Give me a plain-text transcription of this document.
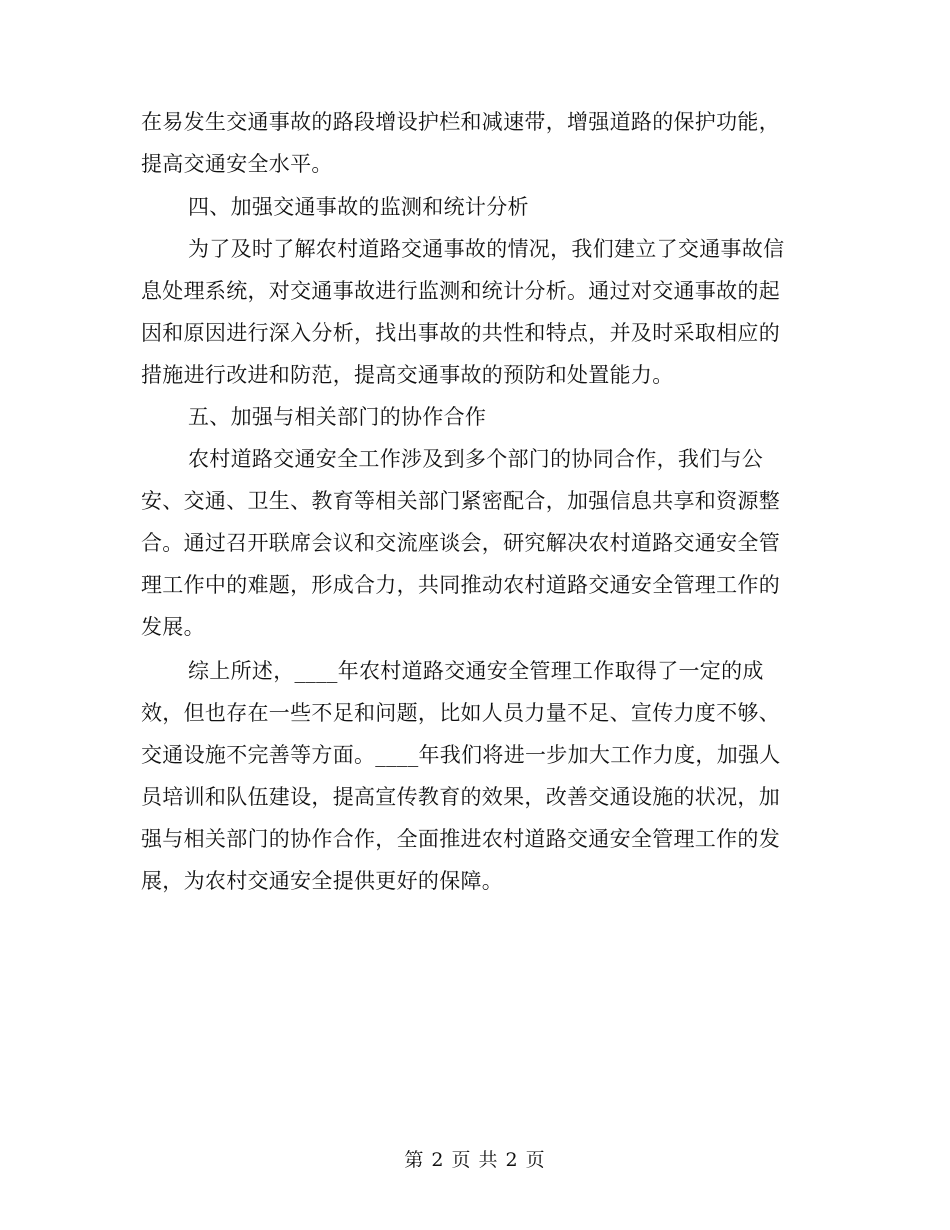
在易发生交通事故的路段增设护栏和减速带，增强道路的保护功能，
提高交通安全水平。
四、加强交通事故的监测和统计分析
为了及时了解农村道路交通事故的情况，我们建立了交通事故信
息处理系统，对交通事故进行监测和统计分析。通过对交通事故的起
因和原因进行深入分析，找出事故的共性和特点，并及时采取相应的
措施进行改进和防范，提高交通事故的预防和处置能力。
五、加强与相关部门的协作合作
农村道路交通安全工作涉及到多个部门的协同合作，我们与公
安、交通、卫生、教育等相关部门紧密配合，加强信息共享和资源整
合。通过召开联席会议和交流座谈会，研究解决农村道路交通安全管
理工作中的难题，形成合力，共同推动农村道路交通安全管理工作的
发展。
综上所述，____年农村道路交通安全管理工作取得了一定的成
效，但也存在一些不足和问题，比如人员力量不足、宣传力度不够、
交通设施不完善等方面。____年我们将进一步加大工作力度，加强人
员培训和队伍建设，提高宣传教育的效果，改善交通设施的状况，加
强与相关部门的协作合作，全面推进农村道路交通安全管理工作的发
展，为农村交通安全提供更好的保障。
第 2 页 共 2 页
